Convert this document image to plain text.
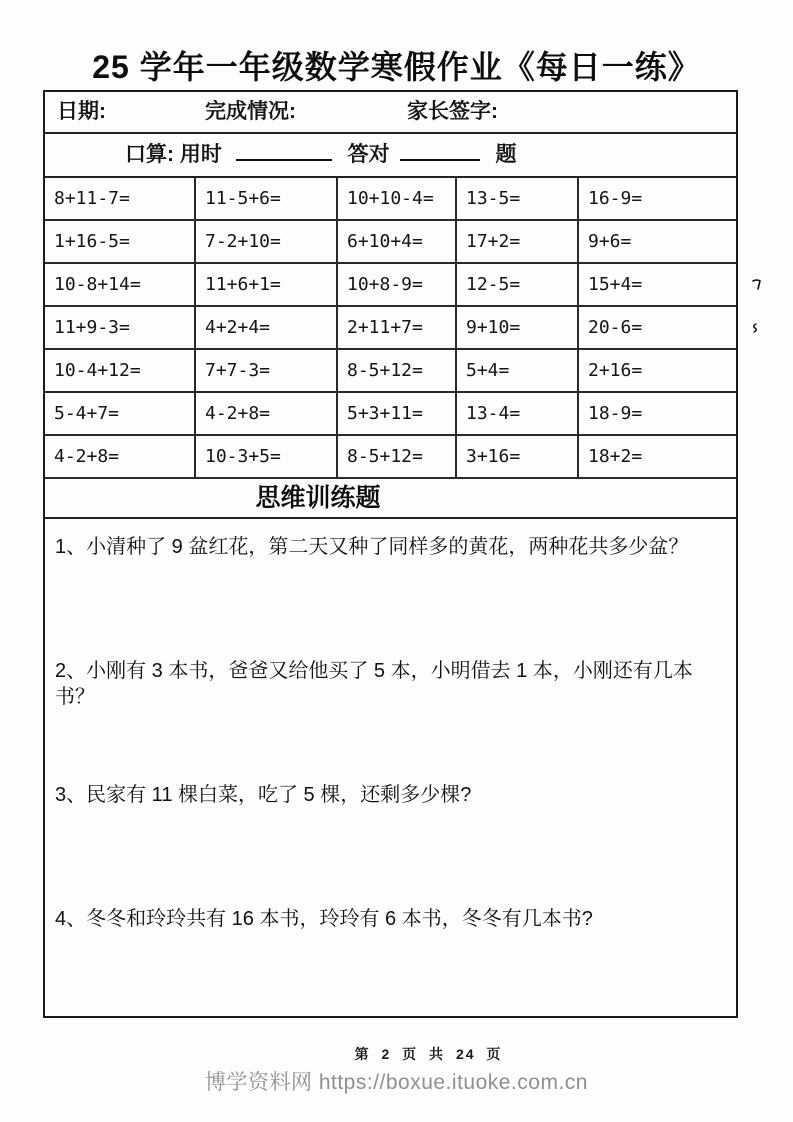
25 学年一年级数学寒假作业《每日一练》
日期:	完成情况:	家长签字:
口算: 用时	答对	题
8+11-7=	11-5+6=	10+10-4=	13-5=	16-9=
1+16-5=	7-2+10=	6+10+4=	17+2=	9+6=
10-8+14=	11+6+1=	10+8-9=	12-5=	15+4=
11+9-3=	4+2+4=	2+11+7=	9+10=	20-6=
10-4+12=	7+7-3=	8-5+12=	5+4=	2+16=
5-4+7=	4-2+8=	5+3+11=	13-4=	18-9=
4-2+8=	10-3+5=	8-5+12=	3+16=	18+2=
思维训练题
1、小清种了 9 盆红花，第二天又种了同样多的黄花，两种花共多少盆？
2、小刚有 3 本书，爸爸又给他买了 5 本，小明借去 1 本，小刚还有几本书？
3、民家有 11 棵白菜，吃了 5 棵，还剩多少棵?
4、冬冬和玲玲共有 16 本书，玲玲有 6 本书，冬冬有几本书?
第 2 页 共 24 页
博学资料网 https://boxue.ituoke.com.cn
